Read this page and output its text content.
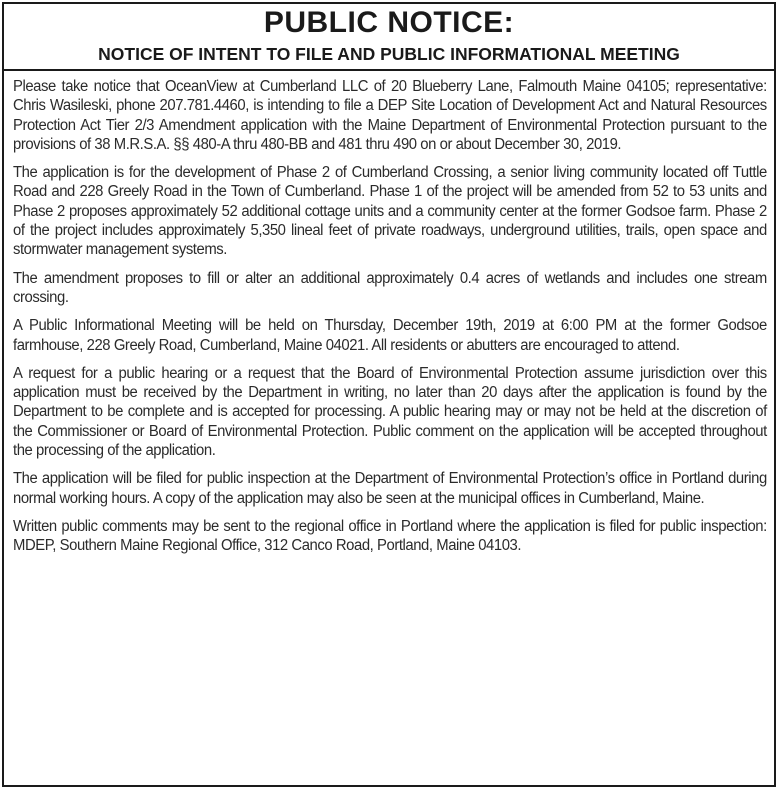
PUBLIC NOTICE:
NOTICE OF INTENT TO FILE AND PUBLIC INFORMATIONAL MEETING

Please take notice that OceanView at Cumberland LLC of 20 Blueberry Lane, Falmouth Maine 04105; representative: Chris Wasileski, phone 207.781.4460, is intending to file a DEP Site Location of Development Act and Natural Resources Protection Act Tier 2/3 Amendment application with the Maine Department of Environmental Protection pursuant to the provisions of 38 M.R.S.A. §§ 480-A thru 480-BB and 481 thru 490 on or about December 30, 2019.

The application is for the development of Phase 2 of Cumberland Crossing, a senior living community located off Tuttle Road and 228 Greely Road in the Town of Cumberland. Phase 1 of the project will be amended from 52 to 53 units and Phase 2 proposes approximately 52 additional cottage units and a community center at the former Godsoe farm. Phase 2 of the project includes approximately 5,350 lineal feet of private roadways, underground utilities, trails, open space and stormwater management systems.

The amendment proposes to fill or alter an additional approximately 0.4 acres of wetlands and includes one stream crossing.

A Public Informational Meeting will be held on Thursday, December 19th, 2019 at 6:00 PM at the former Godsoe farmhouse, 228 Greely Road, Cumberland, Maine 04021. All residents or abutters are encouraged to attend.

A request for a public hearing or a request that the Board of Environmental Protection assume jurisdiction over this application must be received by the Department in writing, no later than 20 days after the application is found by the Department to be complete and is accepted for processing. A public hearing may or may not be held at the discretion of the Commissioner or Board of Environmental Protection. Public comment on the application will be accepted throughout the processing of the application.

The application will be filed for public inspection at the Department of Environmental Protection’s office in Portland during normal working hours. A copy of the application may also be seen at the municipal offices in Cumberland, Maine.

Written public comments may be sent to the regional office in Portland where the application is filed for public inspection: MDEP, Southern Maine Regional Office, 312 Canco Road, Portland, Maine 04103.
